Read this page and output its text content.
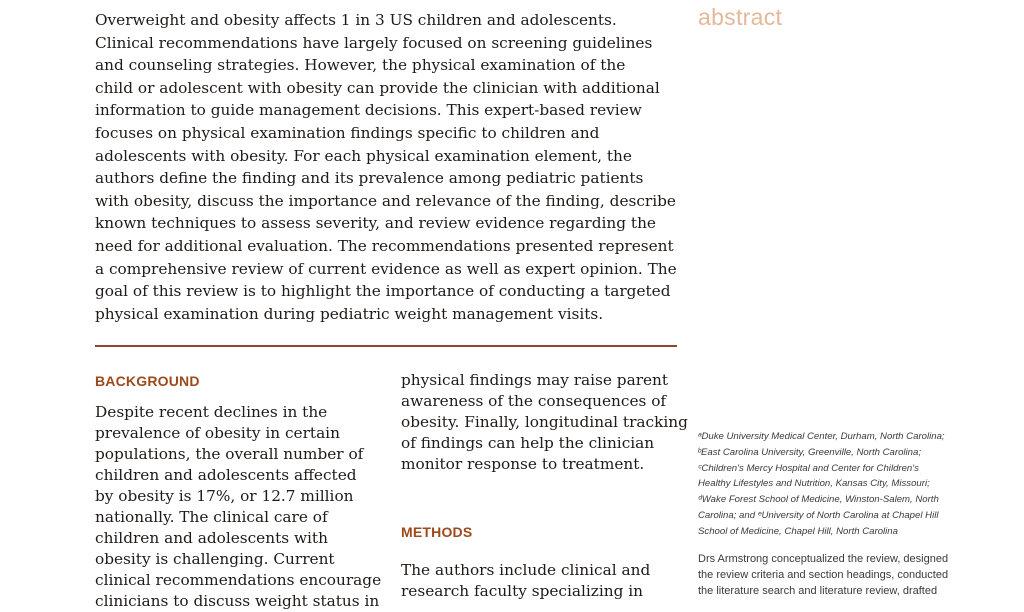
abstract

Overweight and obesity affects 1 in 3 US children and adolescents.
Clinical recommendations have largely focused on screening guidelines
and counseling strategies. However, the physical examination of the
child or adolescent with obesity can provide the clinician with additional
information to guide management decisions. This expert-based review
focuses on physical examination findings specific to children and
adolescents with obesity. For each physical examination element, the
authors define the finding and its prevalence among pediatric patients
with obesity, discuss the importance and relevance of the finding, describe
known techniques to assess severity, and review evidence regarding the
need for additional evaluation. The recommendations presented represent
a comprehensive review of current evidence as well as expert opinion. The
goal of this review is to highlight the importance of conducting a targeted
physical examination during pediatric weight management visits.

BACKGROUND

Despite recent declines in the
prevalence of obesity in certain
populations, the overall number of
children and adolescents affected
by obesity is 17%, or 12.7 million
nationally. The clinical care of
children and adolescents with
obesity is challenging. Current
clinical recommendations encourage
clinicians to discuss weight status in

physical findings may raise parent
awareness of the consequences of
obesity. Finally, longitudinal tracking
of findings can help the clinician
monitor response to treatment.

METHODS

The authors include clinical and
research faculty specializing in

ᵃDuke University Medical Center, Durham, North Carolina;
ᵇEast Carolina University, Greenville, North Carolina;
ᶜChildren's Mercy Hospital and Center for Children's
Healthy Lifestyles and Nutrition, Kansas City, Missouri;
ᵈWake Forest School of Medicine, Winston-Salem, North
Carolina; and ᵉUniversity of North Carolina at Chapel Hill
School of Medicine, Chapel Hill, North Carolina

Drs Armstrong conceptualized the review, designed
the review criteria and section headings, conducted
the literature search and literature review, drafted
